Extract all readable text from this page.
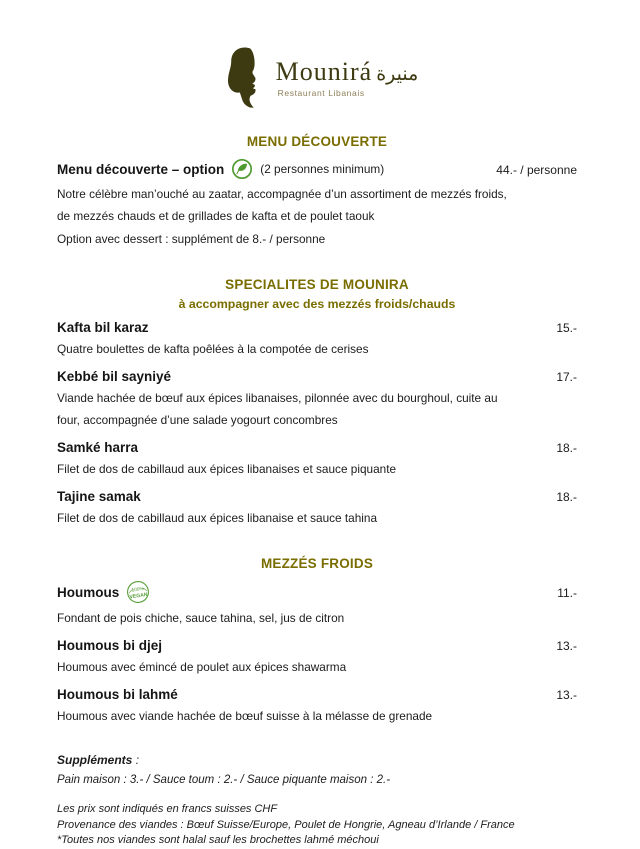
Mounirá منيرة
Restaurant Libanais
MENU DÉCOUVERTE
Menu découverte – option	(2 personnes minimum)	44.- / personne

Notre célèbre man’ouché au zaatar, accompagnée d’un assortiment de mezzés froids, de mezzés chauds et de grillades de kafta et de poulet taouk

Option avec dessert : supplément de 8.- / personne

SPECIALITES DE MOUNIRA
à accompagner avec des mezzés froids/chauds
Kafta bil karaz	15.-

Quatre boulettes de kafta poêlées à la compotée de cerises

Kebbé bil sayniyé	17.-

Viande hachée de bœuf aux épices libanaises, pilonnée avec du bourghoul, cuite au four, accompagnée d’une salade yogourt concombres

Samké harra	18.-

Filet de dos de cabillaud aux épices libanaises et sauce piquante

Tajine samak	18.-

Filet de dos de cabillaud aux épices libanaise et sauce tahina

MEZZÉS FROIDS
Houmous 100%
VEGAN	11.-

Fondant de pois chiche, sauce tahina, sel, jus de citron

Houmous bi djej	13.-

Houmous avec émincé de poulet aux épices shawarma

Houmous bi lahmé	13.-

Houmous avec viande hachée de bœuf suisse à la mélasse de grenade

Suppléments :

Pain maison : 3.- / Sauce toum : 2.- / Sauce piquante maison : 2.-

Les prix sont indiqués en francs suisses CHF

Provenance des viandes : Bœuf Suisse/Europe, Poulet de Hongrie, Agneau d’Irlande / France

*Toutes nos viandes sont halal sauf les brochettes lahmé méchoui
